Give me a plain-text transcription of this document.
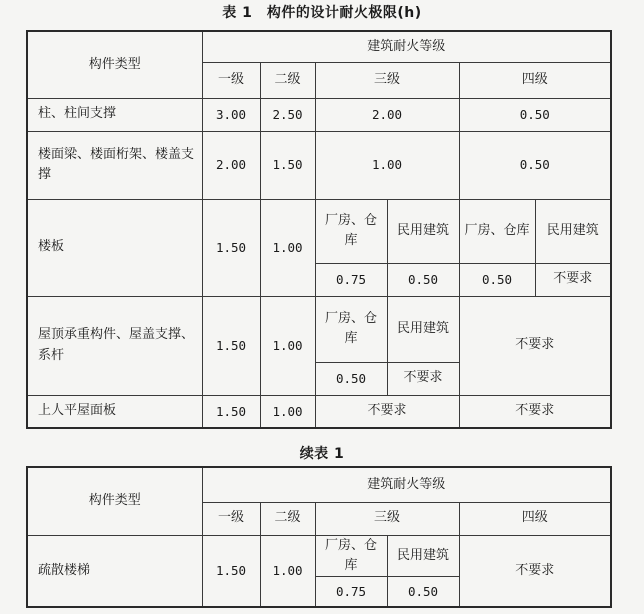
表 1　构件的设计耐火极限(h)
构件类型	建筑耐火等级					
	一级	二级	三级		四级	
柱、柱间支撑	3.00	2.50	2.00		0.50	
楼面梁、楼面桁架、楼盖支撑	2.00	1.50	1.00		0.50	
楼板	1.50	1.00	厂房、仓库	民用建筑	厂房、仓库	民用建筑
			0.75	0.50	0.50	不要求
屋顶承重构件、屋盖支撑、系杆	1.50	1.00	厂房、仓库	民用建筑	不要求	
			0.50	不要求		
上人平屋面板	1.50	1.00	不要求		不要求	
续表 1
构件类型	建筑耐火等级				
	一级	二级	三级		四级
疏散楼梯	1.50	1.00	厂房、仓库	民用建筑	不要求
			0.75	0.50	
